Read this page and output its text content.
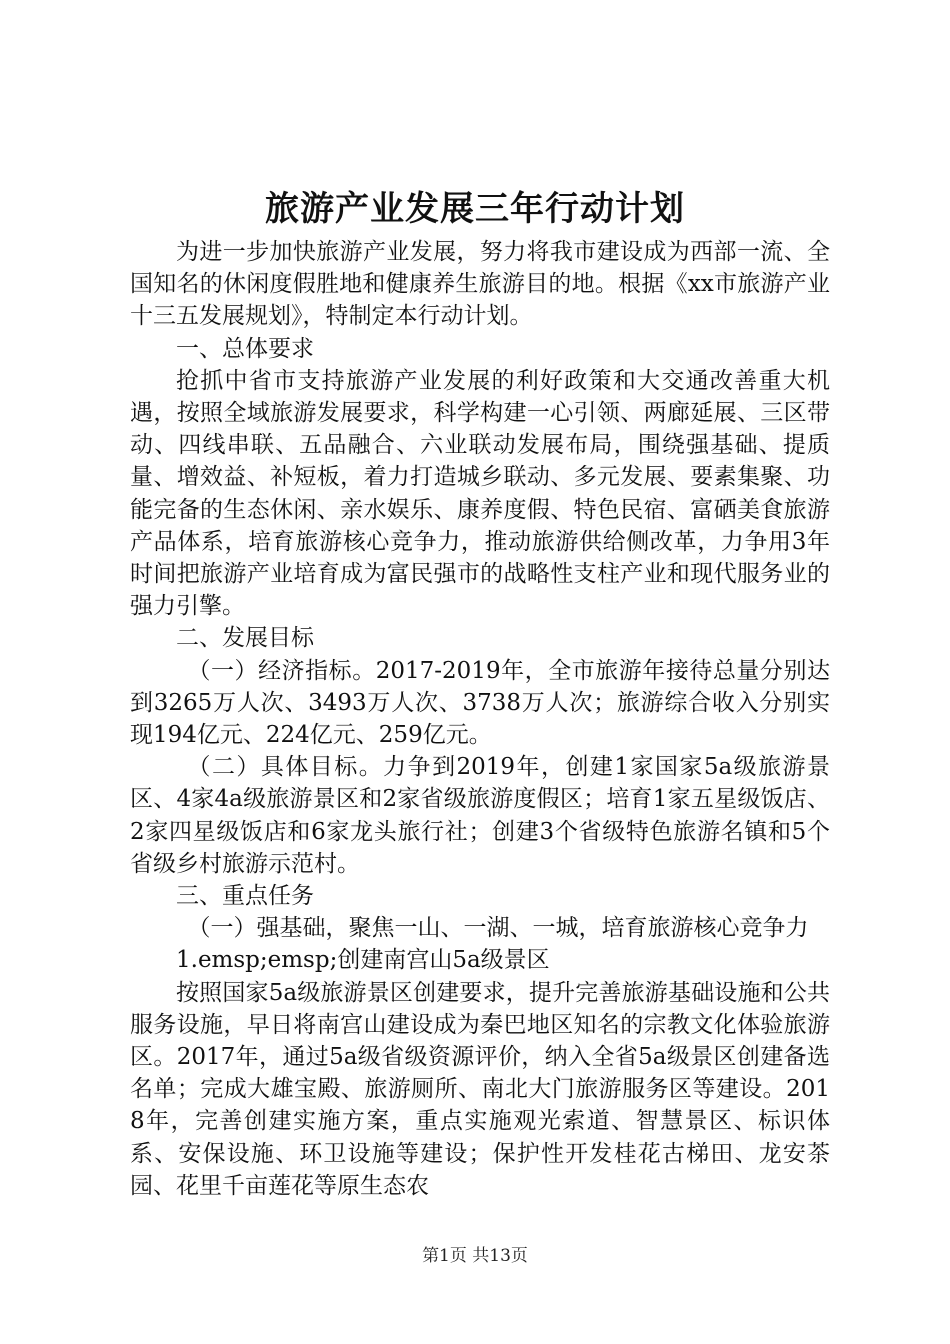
旅游产业发展三年行动计划

为进一步加快旅游产业发展，努力将我市建设成为西部一流、全国知名的休闲度假胜地和健康养生旅游目的地。根据《xx市旅游产业十三五发展规划》，特制定本行动计划。

一、总体要求

抢抓中省市支持旅游产业发展的利好政策和大交通改善重大机遇，按照全域旅游发展要求，科学构建一心引领、两廊延展、三区带动、四线串联、五品融合、六业联动发展布局，围绕强基础、提质量、增效益、补短板，着力打造城乡联动、多元发展、要素集聚、功能完备的生态休闲、亲水娱乐、康养度假、特色民宿、富硒美食旅游产品体系，培育旅游核心竞争力，推动旅游供给侧改革，力争用3年时间把旅游产业培育成为富民强市的战略性支柱产业和现代服务业的强力引擎。

二、发展目标

（一）经济指标。2017-2019年，全市旅游年接待总量分别达到3265万人次、3493万人次、3738万人次；旅游综合收入分别实现194亿元、224亿元、259亿元。

（二）具体目标。力争到2019年，创建1家国家5a级旅游景区、4家4a级旅游景区和2家省级旅游度假区；培育1家五星级饭店、2家四星级饭店和6家龙头旅行社；创建3个省级特色旅游名镇和5个省级乡村旅游示范村。

三、重点任务

（一）强基础，聚焦一山、一湖、一城，培育旅游核心竞争力

1.emsp;emsp;创建南宫山5a级景区

按照国家5a级旅游景区创建要求，提升完善旅游基础设施和公共服务设施，早日将南宫山建设成为秦巴地区知名的宗教文化体验旅游区。2017年，通过5a级省级资源评价，纳入全省5a级景区创建备选名单；完成大雄宝殿、旅游厕所、南北大门旅游服务区等建设。2018年，完善创建实施方案，重点实施观光索道、智慧景区、标识体系、安保设施、环卫设施等建设；保护性开发桂花古梯田、龙安茶园、花里千亩莲花等原生态农

第1页 共13页
